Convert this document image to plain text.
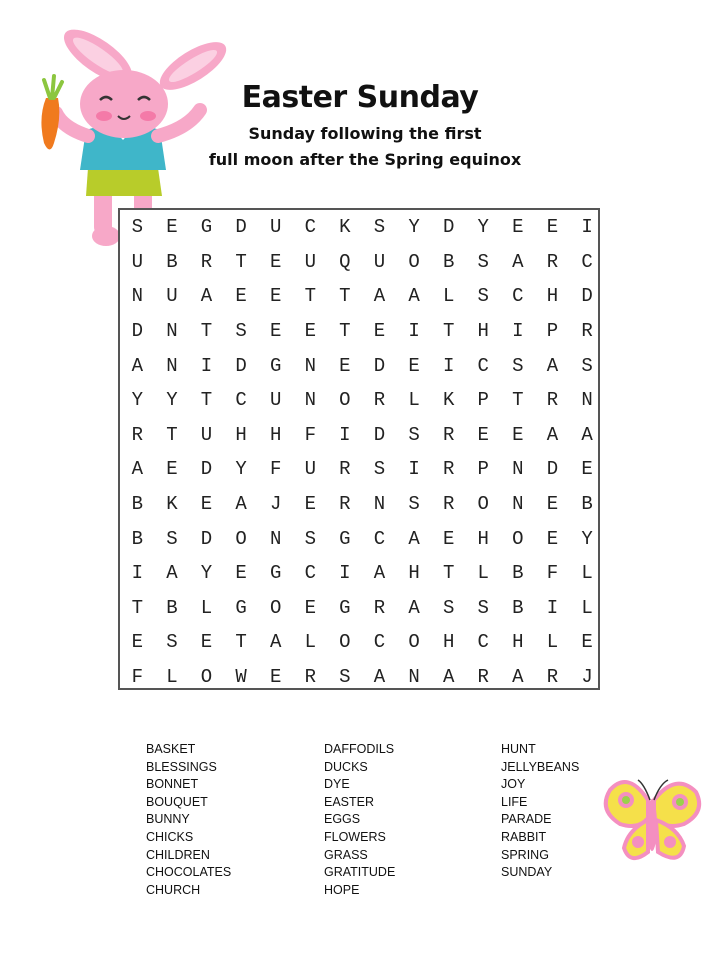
Easter Sunday
Sunday following the first
full moon after the Spring equinox
S	E	G	D	U	C	K	S	Y	D	Y	E	E	I
U	B	R	T	E	U	Q	U	O	B	S	A	R	C
N	U	A	E	E	T	T	A	A	L	S	C	H	D
D	N	T	S	E	E	T	E	I	T	H	I	P	R
A	N	I	D	G	N	E	D	E	I	C	S	A	S
Y	Y	T	C	U	N	O	R	L	K	P	T	R	N
R	T	U	H	H	F	I	D	S	R	E	E	A	A
A	E	D	Y	F	U	R	S	I	R	P	N	D	E
B	K	E	A	J	E	R	N	S	R	O	N	E	B
B	S	D	O	N	S	G	C	A	E	H	O	E	Y
I	A	Y	E	G	C	I	A	H	T	L	B	F	L
T	B	L	G	O	E	G	R	A	S	S	B	I	L
E	S	E	T	A	L	O	C	O	H	C	H	L	E
F	L	O	W	E	R	S	A	N	A	R	A	R	J
BASKET
BLESSINGS
BONNET
BOUQUET
BUNNY
CHICKS
CHILDREN
CHOCOLATES
CHURCH
DAFFODILS
DUCKS
DYE
EASTER
EGGS
FLOWERS
GRASS
GRATITUDE
HOPE
HUNT
JELLYBEANS
JOY
LIFE
PARADE
RABBIT
SPRING
SUNDAY
